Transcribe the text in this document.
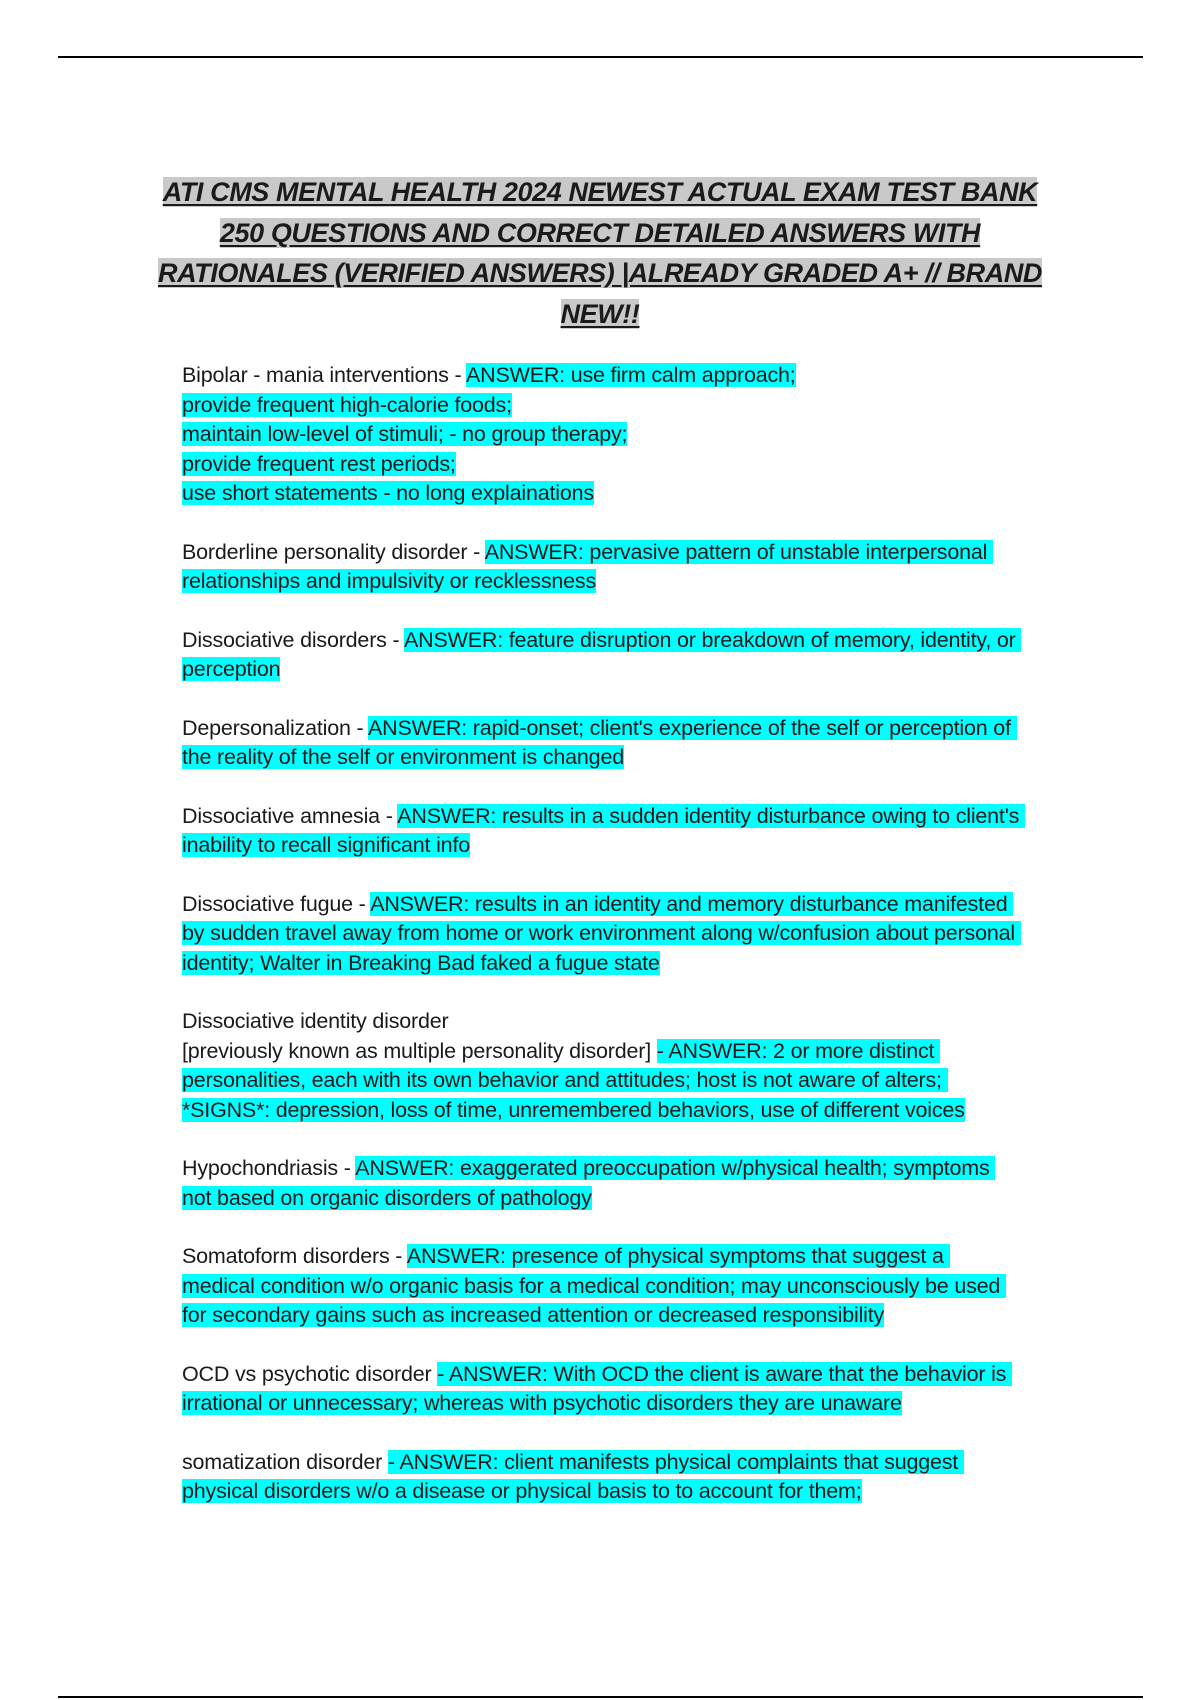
ATI CMS MENTAL HEALTH 2024 NEWEST ACTUAL EXAM TEST BANK 250 QUESTIONS AND CORRECT DETAILED ANSWERS WITH RATIONALES (VERIFIED ANSWERS) |ALREADY GRADED A+ // BRAND NEW!!
Bipolar - mania interventions - ANSWER: use firm calm approach;
provide frequent high-calorie foods;
maintain low-level of stimuli; - no group therapy;
provide frequent rest periods;
use short statements - no long explainations
Borderline personality disorder - ANSWER: pervasive pattern of unstable interpersonal relationships and impulsivity or recklessness
Dissociative disorders - ANSWER: feature disruption or breakdown of memory, identity, or perception
Depersonalization - ANSWER: rapid-onset; client's experience of the self or perception of the reality of the self or environment is changed
Dissociative amnesia - ANSWER: results in a sudden identity disturbance owing to client's inability to recall significant info
Dissociative fugue - ANSWER: results in an identity and memory disturbance manifested by sudden travel away from home or work environment along w/confusion about personal identity; Walter in Breaking Bad faked a fugue state
Dissociative identity disorder
[previously known as multiple personality disorder] - ANSWER: 2 or more distinct personalities, each with its own behavior and attitudes; host is not aware of alters; *SIGNS*: depression, loss of time, unremembered behaviors, use of different voices
Hypochondriasis - ANSWER: exaggerated preoccupation w/physical health; symptoms not based on organic disorders of pathology
Somatoform disorders - ANSWER: presence of physical symptoms that suggest a medical condition w/o organic basis for a medical condition; may unconsciously be used for secondary gains such as increased attention or decreased responsibility
OCD vs psychotic disorder - ANSWER: With OCD the client is aware that the behavior is irrational or unnecessary; whereas with psychotic disorders they are unaware
somatization disorder - ANSWER: client manifests physical complaints that suggest physical disorders w/o a disease or physical basis to to account for them;
